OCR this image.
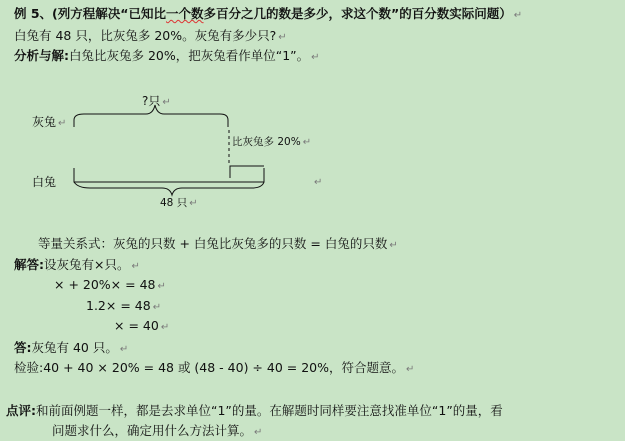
例 5、(列方程解决“已知比一个数多百分之几的数是多少，求这个数”的百分数实际问题） ↵
白兔有 48 只，比灰兔多 20%。灰兔有多少只? ↵
分析与解:白兔比灰兔多 20%，把灰兔看作单位“1”。 ↵
?只 ↵
灰兔 ↵
比灰兔多 20% ↵
白兔	↵
48 只 ↵
等量关系式：灰兔的只数 + 白兔比灰兔多的只数 = 白兔的只数 ↵
解答:设灰兔有×只。 ↵
× + 20%× = 48 ↵
1.2× = 48 ↵
× = 40 ↵
答:灰兔有 40 只。 ↵
检验:40 + 40 × 20% = 48 或 (48 - 40) ÷ 40 = 20%，符合题意。 ↵
点评:和前面例题一样，都是去求单位“1”的量。在解题时同样要注意找准单位“1”的量，看
问题求什么，确定用什么方法计算。 ↵
